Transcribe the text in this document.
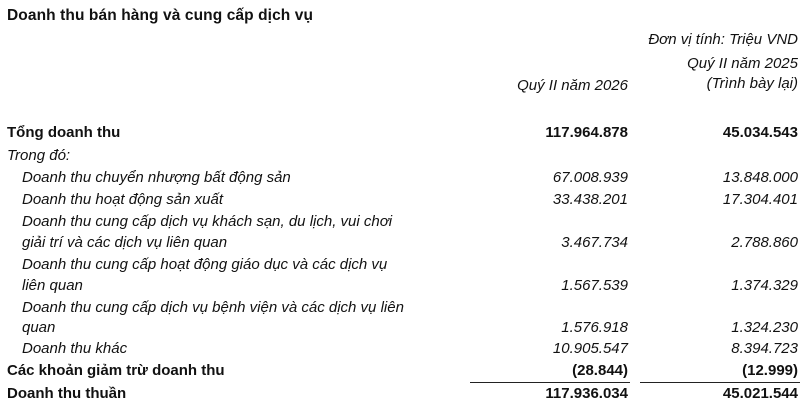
Doanh thu bán hàng và cung cấp dịch vụ
Đơn vị tính: Triệu VND
Quý II năm 2026
Quý II năm 2025
(Trình bày lại)
Tổng doanh thu	117.964.878	45.034.543
Trong đó:
Doanh thu chuyển nhượng bất động sản	67.008.939	13.848.000
Doanh thu hoạt động sản xuất	33.438.201	17.304.401
Doanh thu cung cấp dịch vụ khách sạn, du lịch, vui chơi
giải trí và các dịch vụ liên quan	3.467.734	2.788.860
Doanh thu cung cấp hoạt động giáo dục và các dịch vụ
liên quan	1.567.539	1.374.329
Doanh thu cung cấp dịch vụ bệnh viện và các dịch vụ liên
quan	1.576.918	1.324.230
Doanh thu khác	10.905.547	8.394.723
Các khoản giảm trừ doanh thu	(28.844)	(12.999)
Doanh thu thuần	117.936.034	45.021.544
